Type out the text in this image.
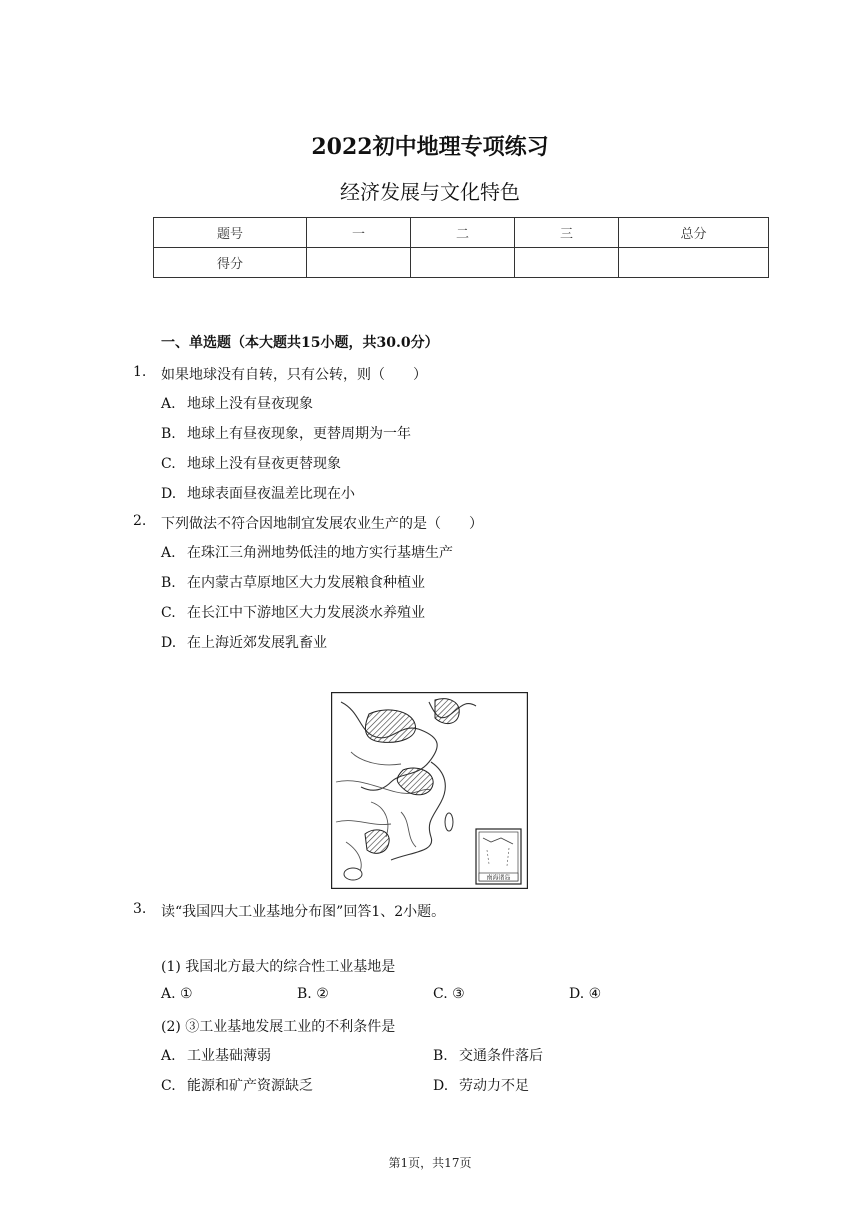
2022初中地理专项练习
经济发展与文化特色
题号	一	二	三	总分
得分				
一、单选题（本大题共15小题，共30.0分）
1. 如果地球没有自转，只有公转，则（　　）
A. 地球上没有昼夜现象
B. 地球上有昼夜现象，更替周期为一年
C. 地球上没有昼夜更替现象
D. 地球表面昼夜温差比现在小
2. 下列做法不符合因地制宜发展农业生产的是（　　）
A. 在珠江三角洲地势低洼的地方实行基塘生产
B. 在内蒙古草原地区大力发展粮食种植业
C. 在长江中下游地区大力发展淡水养殖业
D. 在上海近郊发展乳畜业
南海诸岛
3. 读“我国四大工业基地分布图”回答1、2小题。
(1) 我国北方最大的综合性工业基地是
A. ①	B. ②	C. ③	D. ④
(2) ③工业基地发展工业的不利条件是
A. 工业基础薄弱	B. 交通条件落后
C. 能源和矿产资源缺乏	D. 劳动力不足
第1页，共17页
